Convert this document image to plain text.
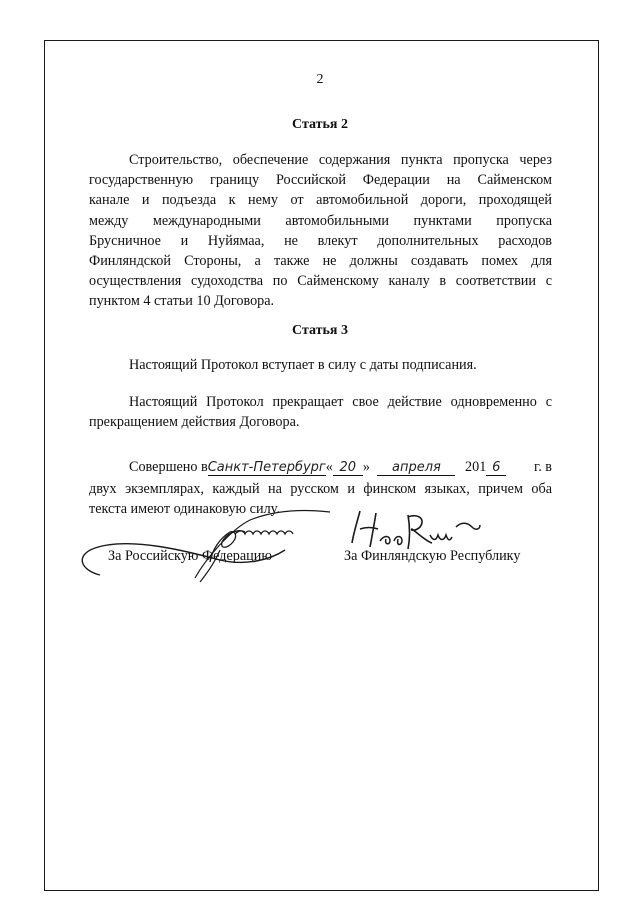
2
Статья 2
Строительство, обеспечение содержания пункта пропуска через
государственную границу Российской Федерации на Сайменском
канале и подъезда к нему от автомобильной дороги, проходящей
между международными автомобильными пунктами пропуска
Брусничное и Нуйямаа, не влекут дополнительных расходов
Финляндской Стороны, а также не должны создавать помех для
осуществления судоходства по Сайменскому каналу в соответствии с
пунктом 4 статьи 10 Договора.
Статья 3
Настоящий Протокол вступает в силу с даты подписания.
Настоящий Протокол прекращает свое действие одновременно с
прекращением действия Договора.
Совершено вСанкт-Петербург« 20 » апреля 201 6 г. в
двух экземплярах, каждый на русском и финском языках, причем оба
текста имеют одинаковую силу.
За Российскую Федерацию	За Финляндскую Республику
